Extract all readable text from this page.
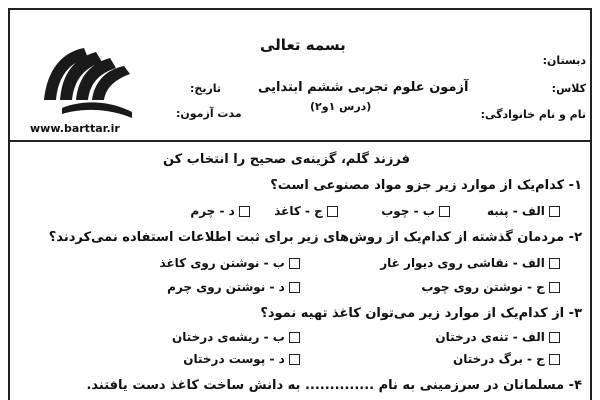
بسمه تعالی
دبستان:
کلاس:
نام و نام خانوادگی:
آزمون علوم تجربی ششم ابتدایی
(درس ۱و۲)
تاریخ:
مدت آزمون:
www.barttar.ir
فرزند گلم، گزینه‌ی صحیح را انتخاب کن
۱- کدام‌یک از موارد زیر جزو مواد مصنوعی است؟
الف - پنبه
ب - چوب
ج - کاغذ
د - چرم
۲- مردمان گذشته از کدام‌یک از روش‌های زیر برای ثبت اطلاعات استفاده نمی‌کردند؟
الف - نقاشی روی دیوار غار
ب - نوشتن روی کاغذ
ج - نوشتن روی چوب
د - نوشتن روی چرم
۳- از کدام‌یک از موارد زیر می‌توان کاغذ تهیه نمود؟
الف - تنه‌ی درختان
ب - ریشه‌ی درختان
ج - برگ درختان
د - پوست درختان
۴- مسلمانان در سرزمینی به نام .............. به دانش ساخت کاغذ دست یافتند.
